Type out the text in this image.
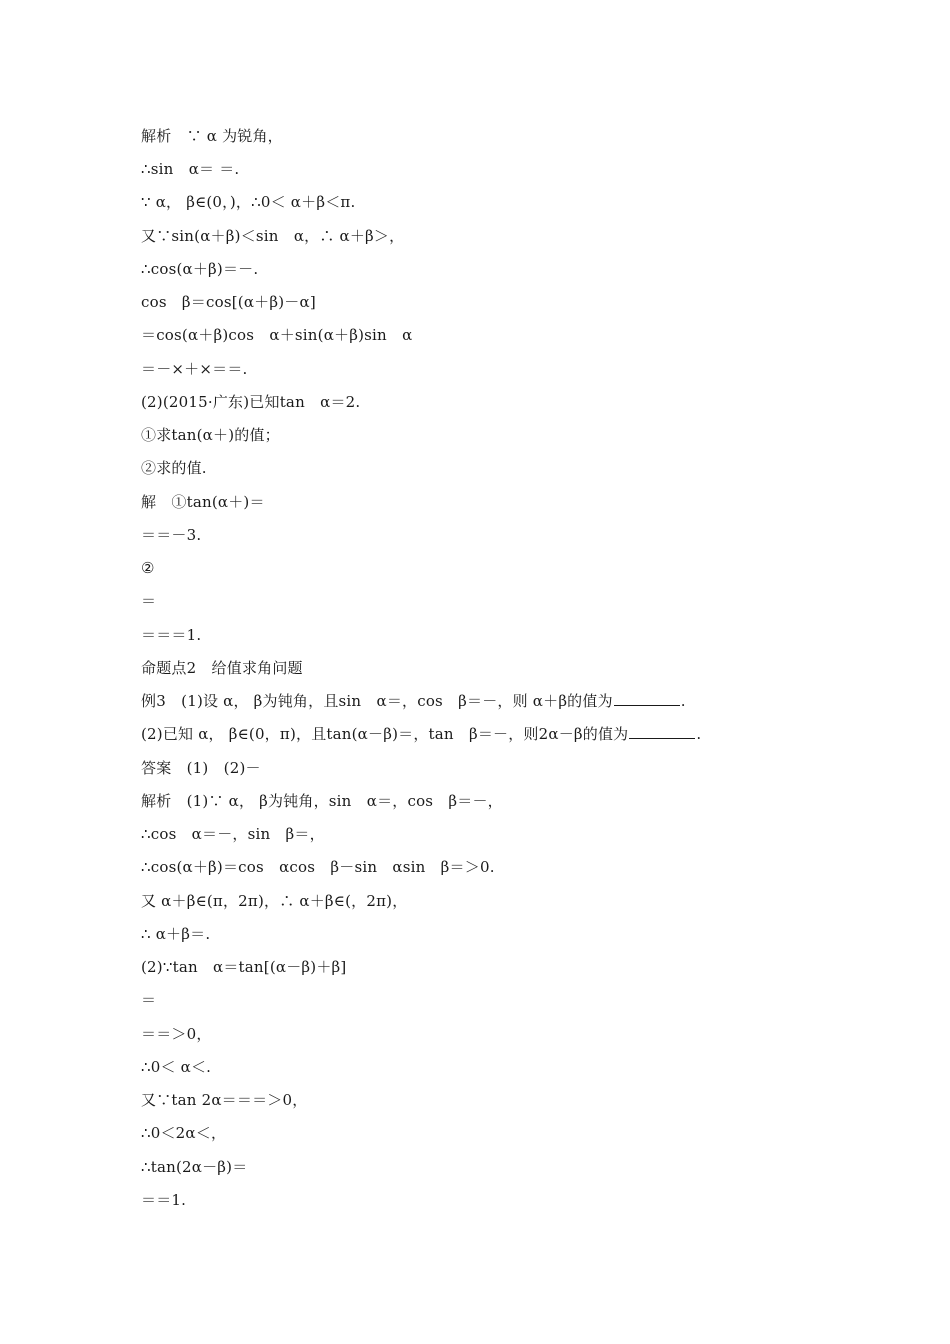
解析　∵ α 为锐角，
∴sin　α＝ ＝.
∵ α， β∈(0，)，∴0＜ α＋β＜π.
又∵sin(α＋β)＜sin　α，∴ α＋β＞，
∴cos(α＋β)＝－.
cos　β＝cos[(α＋β)－α]
＝cos(α＋β)cos　α＋sin(α＋β)sin　α
＝－×＋×＝＝.
(2)(2015·广东)已知tan　α＝2.
①求tan(α＋)的值；
②求的值.
解　①tan(α＋)＝
＝＝－3.
②
＝
＝＝＝1.
命题点2　给值求角问题
例3　(1)设 α， β为钝角，且sin　α＝，cos　β＝－，则 α＋β的值为	.
(2)已知 α， β∈(0，π)，且tan(α－β)＝，tan　β＝－，则2α－β的值为	.
答案　(1)　(2)－
解析　(1)∵ α， β为钝角，sin　α＝，cos　β＝－，
∴cos　α＝－，sin　β＝，
∴cos(α＋β)＝cos　αcos　β－sin　αsin　β＝＞0.
又 α＋β∈(π，2π)，∴ α＋β∈(，2π)，
∴ α＋β＝.
(2)∵tan　α＝tan[(α－β)＋β]
＝
＝＝＞0，
∴0＜ α＜.
又∵tan 2α＝＝＝＞0，
∴0＜2α＜，
∴tan(2α－β)＝
＝＝1.
